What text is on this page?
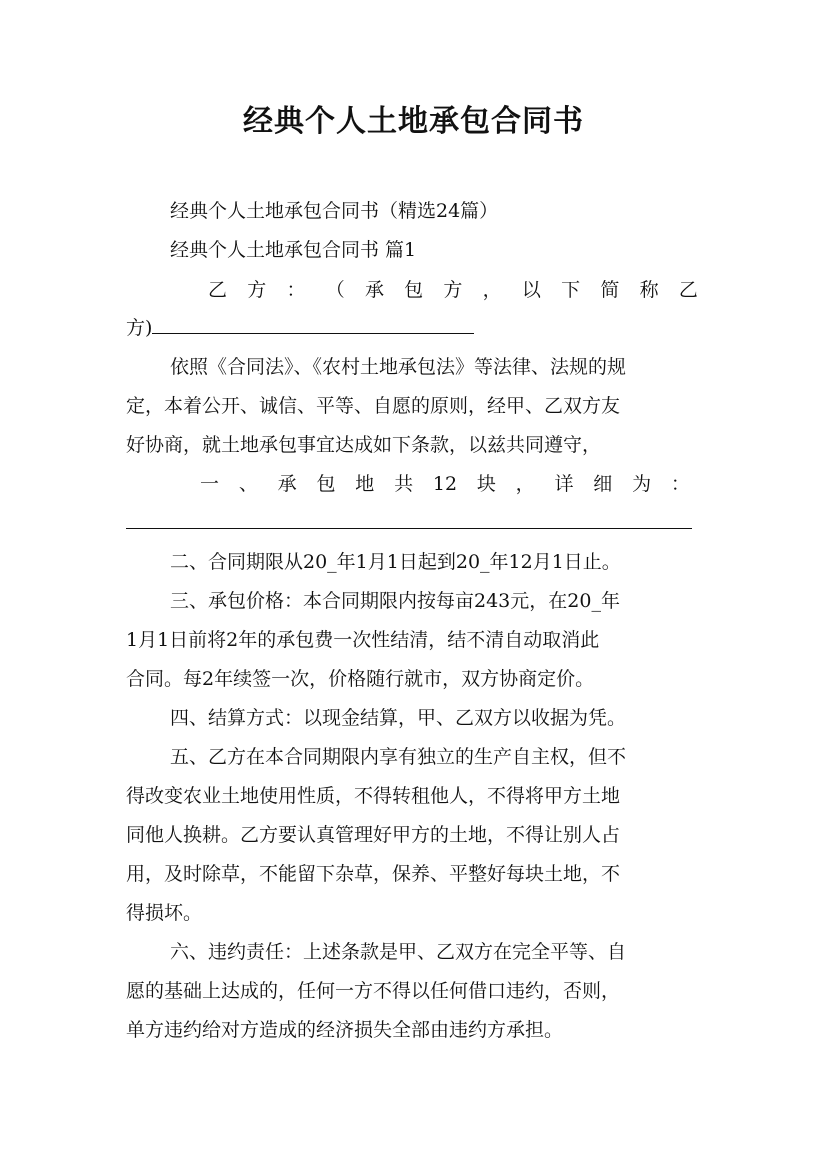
经典个人土地承包合同书
经典个人土地承包合同书（精选24篇）
经典个人土地承包合同书 篇1
乙 方 ： （ 承 包 方 ， 以 下 简 称 乙
方)
依照《合同法》、《农村土地承包法》等法律、法规的规
定，本着公开、诚信、平等、自愿的原则，经甲、乙双方友
好协商，就土地承包事宜达成如下条款，以兹共同遵守，
一 、 承 包 地 共 12 块 ， 详 细 为 ：
二、合同期限从20_年1月1日起到20_年12月1日止。
三、承包价格：本合同期限内按每亩243元，在20_年
1月1日前将2年的承包费一次性结清，结不清自动取消此
合同。每2年续签一次，价格随行就市，双方协商定价。
四、结算方式：以现金结算，甲、乙双方以收据为凭。
五、乙方在本合同期限内享有独立的生产自主权，但不
得改变农业土地使用性质，不得转租他人，不得将甲方土地
同他人换耕。乙方要认真管理好甲方的土地，不得让别人占
用，及时除草，不能留下杂草，保养、平整好每块土地，不
得损坏。
六、违约责任：上述条款是甲、乙双方在完全平等、自
愿的基础上达成的，任何一方不得以任何借口违约，否则，
单方违约给对方造成的经济损失全部由违约方承担。
